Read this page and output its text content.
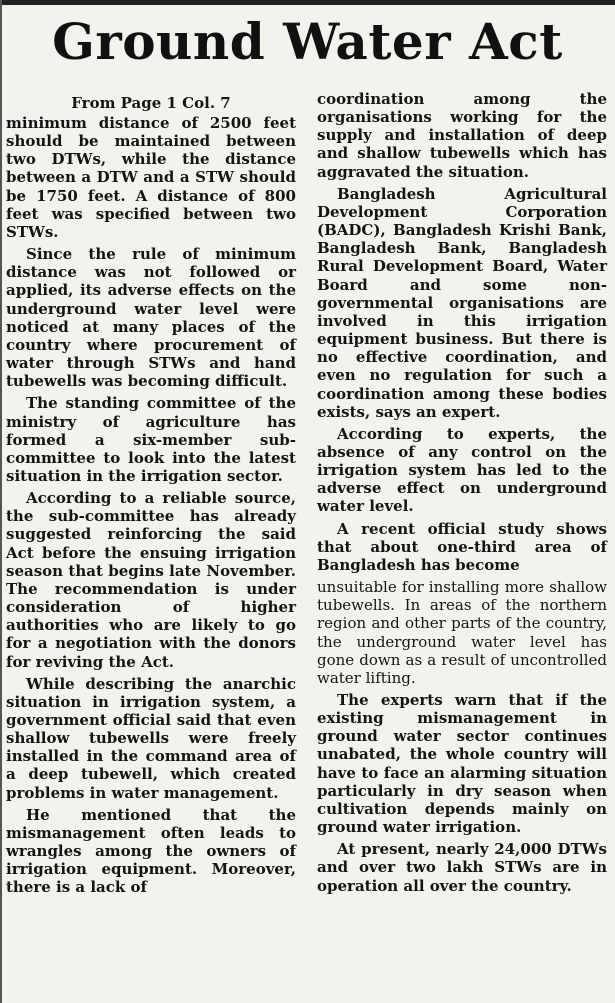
Ground Water Act
From Page 1 Col. 7

minimum distance of 2500 feet should be maintained between two DTWs, while the distance between a DTW and a STW should be 1750 feet. A distance of 800 feet was specified between two STWs.

Since the rule of minimum distance was not followed or applied, its adverse effects on the underground water level were noticed at many places of the country where procurement of water through STWs and hand tubewells was becoming difficult.

The standing committee of the ministry of agriculture has formed a six-member sub-committee to look into the latest situation in the irrigation sector.

According to a reliable source, the sub-committee has already suggested reinforcing the said Act before the ensuing irrigation season that begins late November. The recommendation is under consideration of higher authorities who are likely to go for a negotiation with the donors for reviving the Act.

While describing the anarchic situation in irrigation system, a government official said that even shallow tubewells were freely installed in the command area of a deep tubewell, which created problems in water management.

He mentioned that the mismanagement often leads to wrangles among the owners of irrigation equipment. Moreover, there is a lack of

coordination among the organisations working for the supply and installation of deep and shallow tubewells which has aggravated the situation.

Bangladesh Agricultural Development Corporation (BADC), Bangladesh Krishi Bank, Bangladesh Bank, Bangladesh Rural Development Board, Water Board and some non-governmental organisations are involved in this irrigation equipment business. But there is no effective coordination, and even no regulation for such a coordination among these bodies exists, says an expert.

According to experts, the absence of any control on the irrigation system has led to the adverse effect on underground water level.

A recent official study shows that about one-third area of Bangladesh has become

unsuitable for installing more shallow tubewells. In areas of the northern region and other parts of the country, the underground water level has gone down as a result of uncontrolled water lifting.

The experts warn that if the existing mismanagement in ground water sector continues unabated, the whole country will have to face an alarming situation particularly in dry season when cultivation depends mainly on ground water irrigation.

At present, nearly 24,000 DTWs and over two lakh STWs are in operation all over the country.
